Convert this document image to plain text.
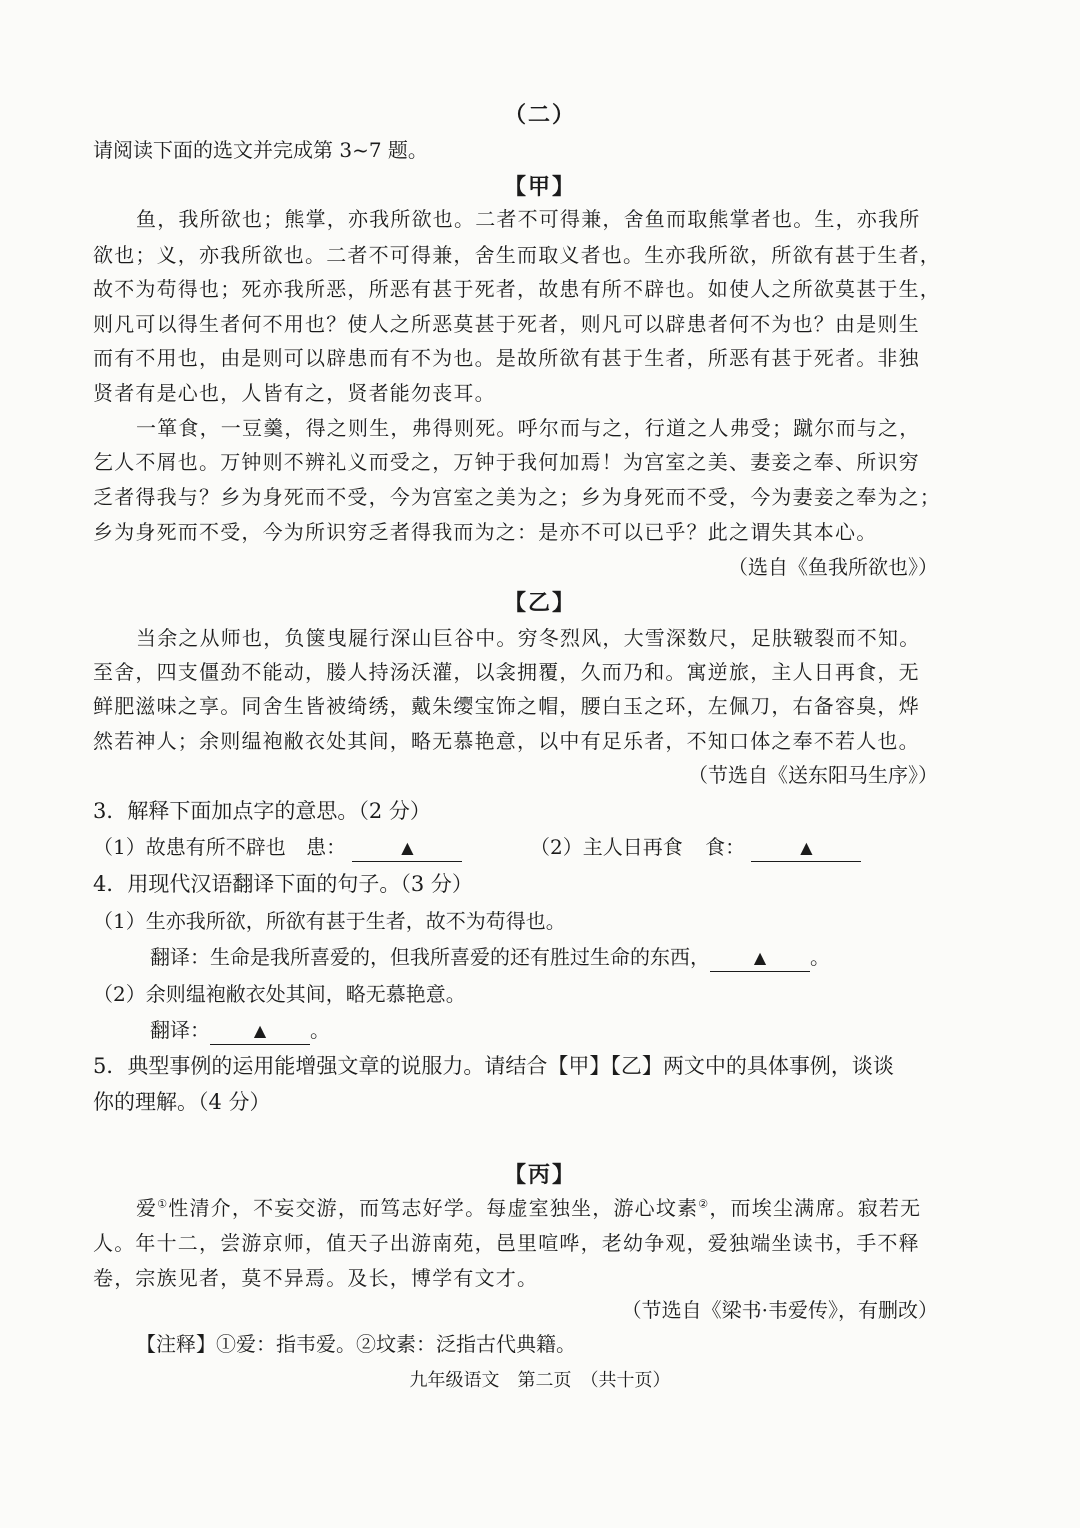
（二）
请阅读下面的选文并完成第 3~7 题。
【甲】
鱼，我所欲也；熊掌，亦我所欲也。二者不可得兼，舍鱼而取熊掌者也。生，亦我所
欲也；义，亦我所欲也。二者不可得兼，舍生而取义者也。生亦我所欲，所欲有甚于生者，
故不为苟得也；死亦我所恶，所恶有甚于死者，故患有所不辟也。如使人之所欲莫甚于生，
则凡可以得生者何不用也？使人之所恶莫甚于死者，则凡可以辟患者何不为也？由是则生
而有不用也，由是则可以辟患而有不为也。是故所欲有甚于生者，所恶有甚于死者。非独
贤者有是心也，人皆有之，贤者能勿丧耳。
一箪食，一豆羹，得之则生，弗得则死。呼尔而与之，行道之人弗受；蹴尔而与之，
乞人不屑也。万钟则不辨礼义而受之，万钟于我何加焉！为宫室之美、妻妾之奉、所识穷
乏者得我与？乡为身死而不受，今为宫室之美为之；乡为身死而不受，今为妻妾之奉为之；
乡为身死而不受，今为所识穷乏者得我而为之：是亦不可以已乎？此之谓失其本心。
（选自《鱼我所欲也》）
【乙】
当余之从师也，负箧曳屣行深山巨谷中。穷冬烈风，大雪深数尺，足肤皲裂而不知。
至舍，四支僵劲不能动，媵人持汤沃灌，以衾拥覆，久而乃和。寓逆旅，主人日再食，无
鲜肥滋味之享。同舍生皆被绮绣，戴朱缨宝饰之帽，腰白玉之环，左佩刀，右备容臭，烨
然若神人；余则缊袍敝衣处其间，略无慕艳意，以中有足乐者，不知口体之奉不若人也。
（节选自《送东阳马生序》）
3．解释下面加点字的意思。（2 分）
（1）故患有所不辟也 患：	▲	（2）主人日再食 食：	▲
4．用现代汉语翻译下面的句子。（3 分）
（1）生亦我所欲，所欲有甚于生者，故不为苟得也。
翻译：生命是我所喜爱的，但我所喜爱的还有胜过生命的东西，	▲ 。
（2）余则缊袍敝衣处其间，略无慕艳意。
翻译：	▲ 。
5．典型事例的运用能增强文章的说服力。请结合【甲】【乙】两文中的具体事例，谈谈
你的理解。（4 分）
【丙】
爱①性清介，不妄交游，而笃志好学。每虚室独坐，游心坟素②，而埃尘满席。寂若无
人。年十二，尝游京师，值天子出游南苑，邑里喧哗，老幼争观，爱独端坐读书，手不释
卷，宗族见者，莫不异焉。及长，博学有文才。
（节选自《梁书·韦爱传》，有删改）
【注释】①爱：指韦爱。②坟素：泛指古代典籍。
九年级语文　第二页　（共十页）
